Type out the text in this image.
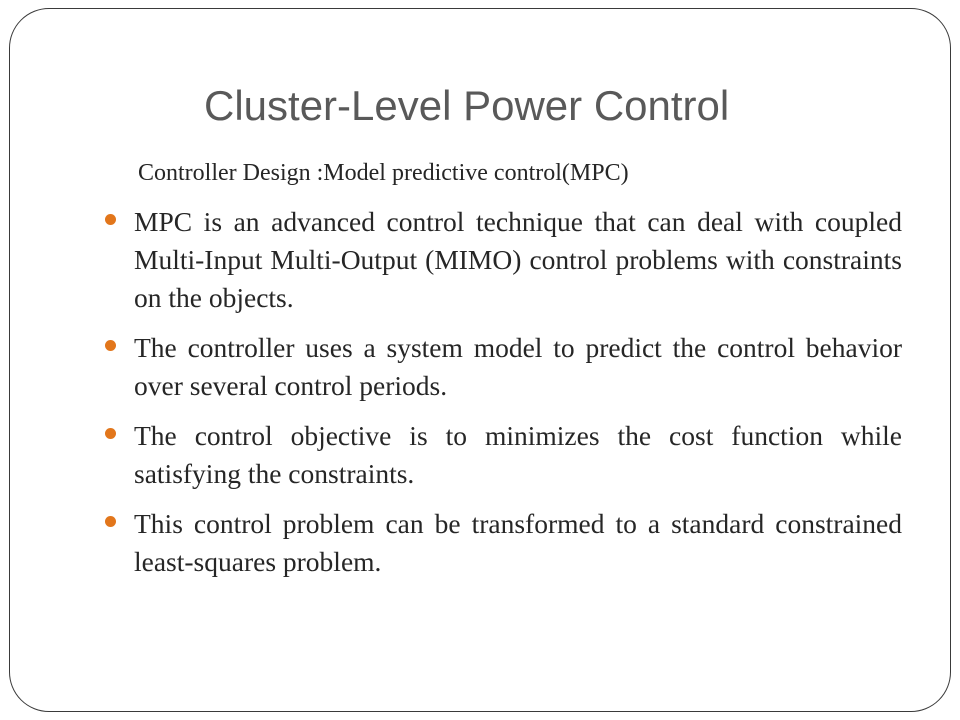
Cluster-Level Power Control
Controller Design :Model predictive control(MPC)
MPC is an advanced control technique that can deal with coupled Multi-Input Multi-Output (MIMO) control problems with constraints on the objects.
The controller uses a system model to predict the control behavior over several control periods.
The control objective is to minimizes the cost function while satisfying the constraints.
This control problem can be transformed to a standard constrained least-squares problem.
